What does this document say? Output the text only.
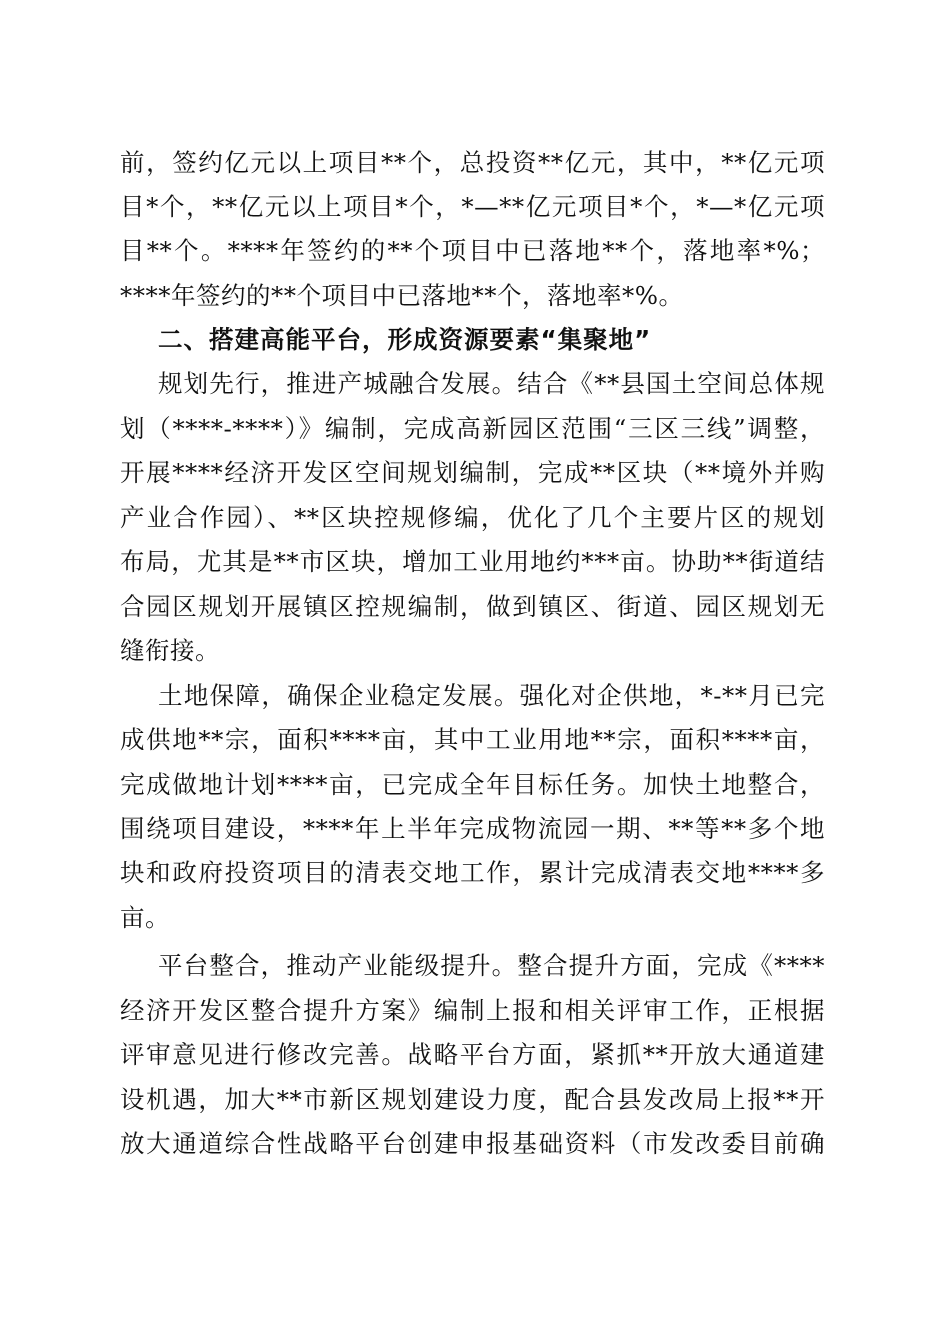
前，签约亿元以上项目**个，总投资**亿元，其中，**亿元项
目*个，**亿元以上项目*个，*—**亿元项目*个，*—*亿元项
目**个。****年签约的**个项目中已落地**个，落地率*%；
****年签约的**个项目中已落地**个，落地率*%。
二、搭建高能平台，形成资源要素“集聚地”
规划先行，推进产城融合发展。结合《**县国土空间总体规
划（****-****）》编制，完成高新园区范围“三区三线”调整，
开展****经济开发区空间规划编制，完成**区块（**境外并购
产业合作园）、**区块控规修编，优化了几个主要片区的规划
布局，尤其是**市区块，增加工业用地约***亩。协助**街道结
合园区规划开展镇区控规编制，做到镇区、街道、园区规划无
缝衔接。
土地保障，确保企业稳定发展。强化对企供地，*-**月已完
成供地**宗，面积****亩，其中工业用地**宗，面积****亩，
完成做地计划****亩，已完成全年目标任务。加快土地整合，
围绕项目建设，****年上半年完成物流园一期、**等**多个地
块和政府投资项目的清表交地工作，累计完成清表交地****多
亩。
平台整合，推动产业能级提升。整合提升方面，完成《****
经济开发区整合提升方案》编制上报和相关评审工作，正根据
评审意见进行修改完善。战略平台方面，紧抓**开放大通道建
设机遇，加大**市新区规划建设力度，配合县发改局上报**开
放大通道综合性战略平台创建申报基础资料（市发改委目前确
